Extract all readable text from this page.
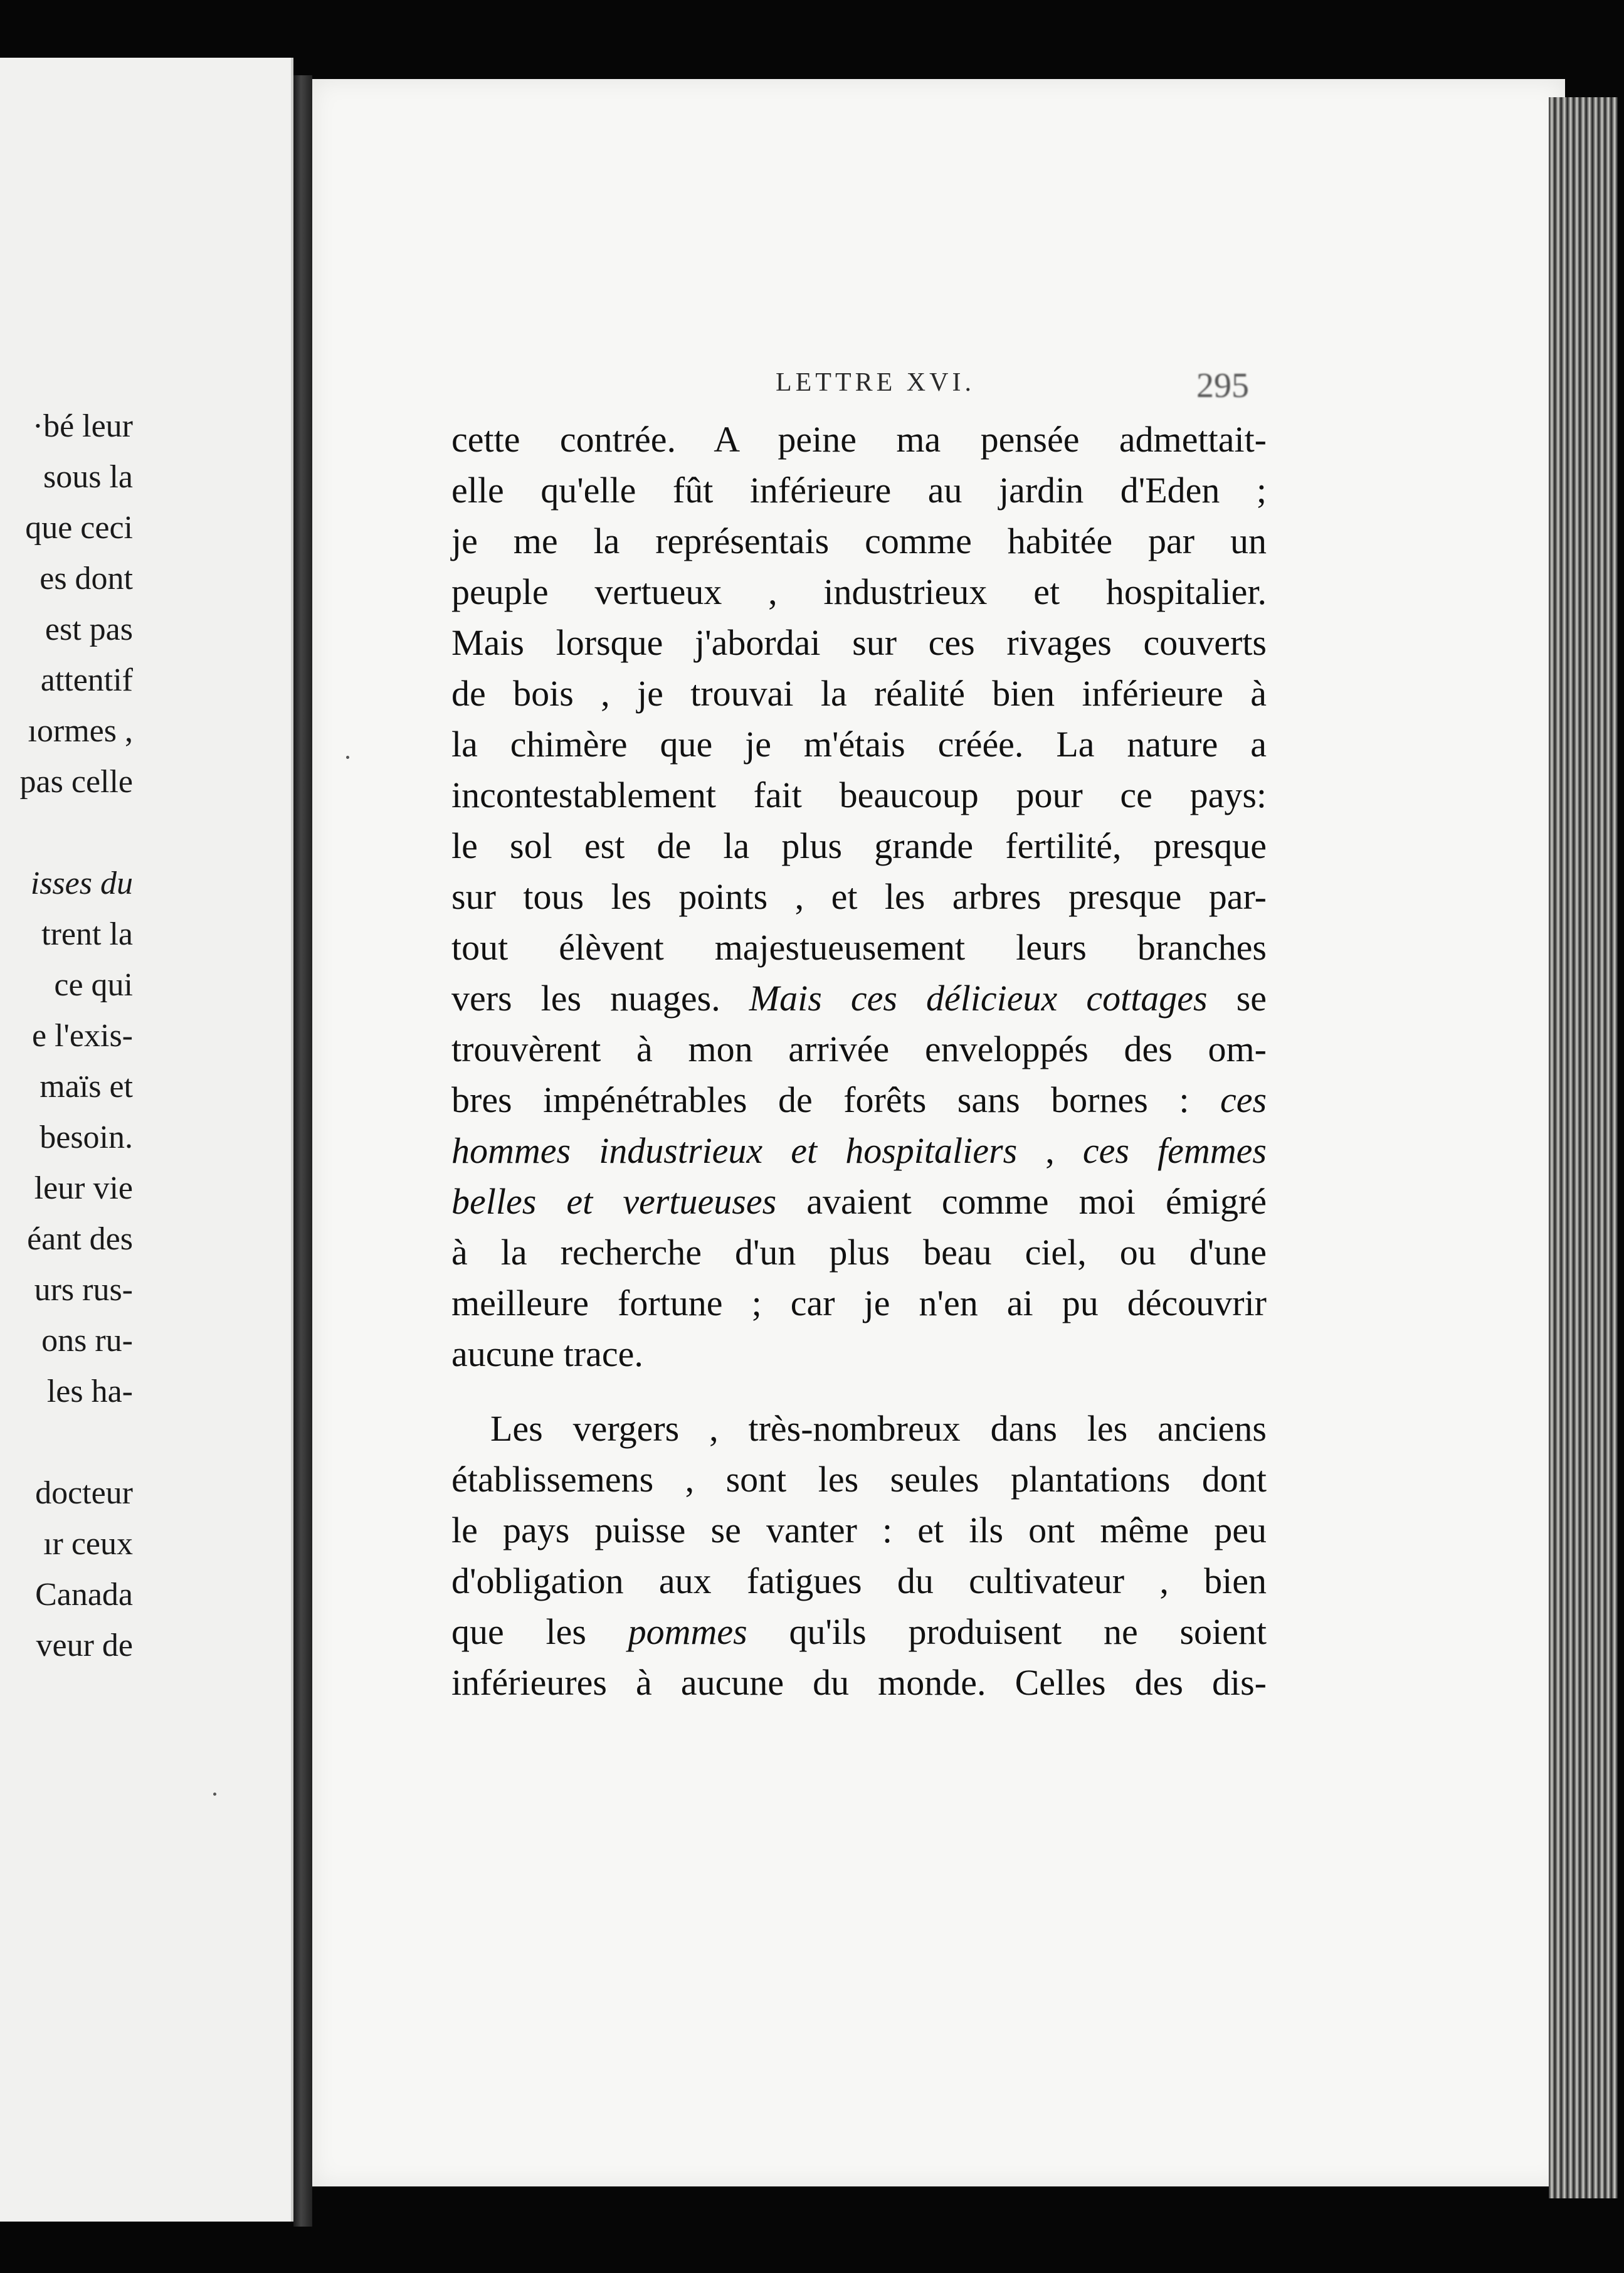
·bé leur
sous la
que ceci
es dont
est pas
attentif
ıormes ,
pas celle
isses du
trent la
ce qui
e l'exis-
maïs et
besoin.
leur vie
éant des
urs rus-
ons ru-
les ha-
docteur
ır ceux
Canada
veur de
LETTRE XVI.	295
cette contrée. A peine ma pensée admettait-
elle qu'elle fût inférieure au jardin d'Eden ;
je me la représentais comme habitée par un
peuple vertueux , industrieux et hospitalier.
Mais lorsque j'abordai sur ces rivages couverts
de bois , je trouvai la réalité bien inférieure à
la chimère que je m'étais créée. La nature a
incontestablement fait beaucoup pour ce pays:
le sol est de la plus grande fertilité, presque
sur tous les points , et les arbres presque par-
tout élèvent majestueusement leurs branches
vers les nuages. Mais ces délicieux cottages se
trouvèrent à mon arrivée enveloppés des om-
bres impénétrables de forêts sans bornes : ces
hommes industrieux et hospitaliers , ces femmes
belles et vertueuses avaient comme moi émigré
à la recherche d'un plus beau ciel, ou d'une
meilleure fortune ; car je n'en ai pu découvrir
aucune trace.
Les vergers , très-nombreux dans les anciens
établissemens , sont les seules plantations dont
le pays puisse se vanter : et ils ont même peu
d'obligation aux fatigues du cultivateur , bien
que les pommes qu'ils produisent ne soient
inférieures à aucune du monde. Celles des dis-
